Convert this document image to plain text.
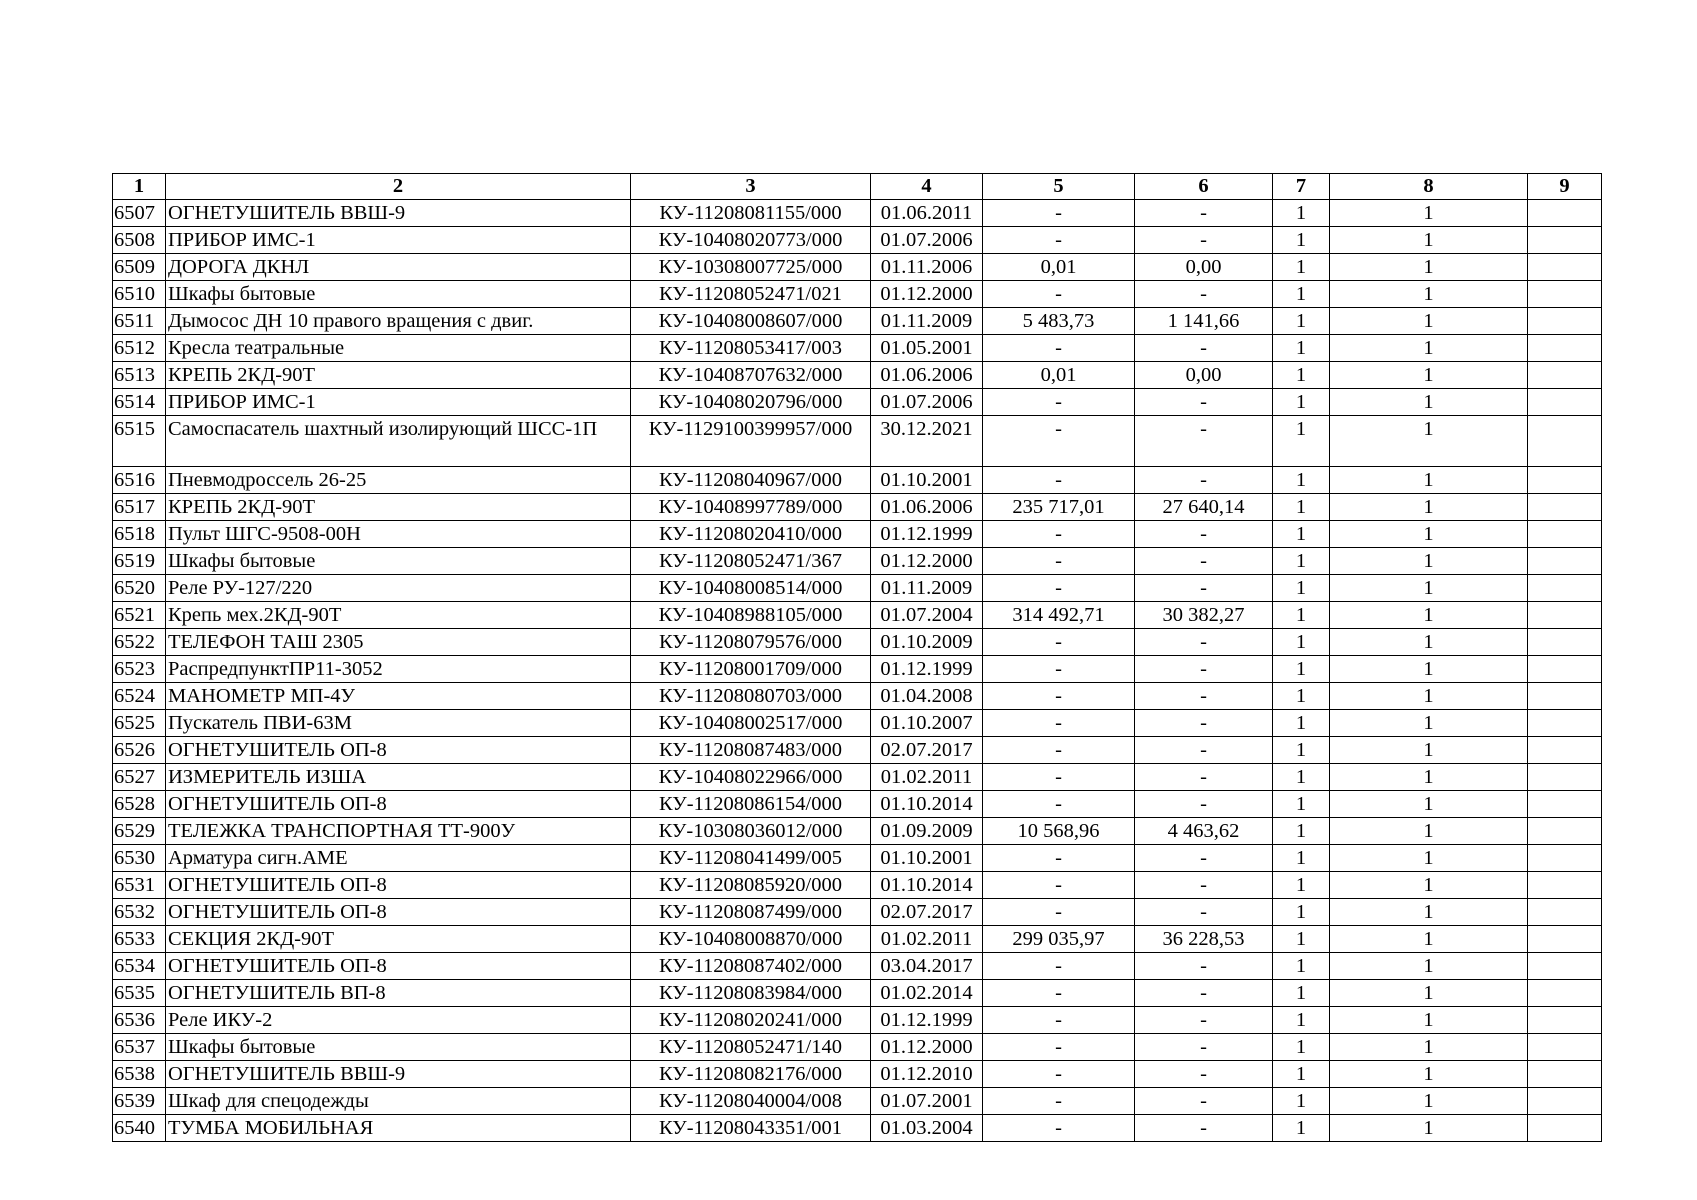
1	2	3	4	5	6	7	8	9
6507	ОГНЕТУШИТЕЛЬ ВВШ-9	КУ-11208081155/000	01.06.2011	-	-	1	1	
6508	ПРИБОР ИМС-1	КУ-10408020773/000	01.07.2006	-	-	1	1	
6509	ДОРОГА ДКНЛ	КУ-10308007725/000	01.11.2006	0,01	0,00	1	1	
6510	Шкафы бытовые	КУ-11208052471/021	01.12.2000	-	-	1	1	
6511	Дымосос ДН 10 правого вращения с двиг.	КУ-10408008607/000	01.11.2009	5 483,73	1 141,66	1	1	
6512	Кресла театральные	КУ-11208053417/003	01.05.2001	-	-	1	1	
6513	КРЕПЬ 2КД-90Т	КУ-10408707632/000	01.06.2006	0,01	0,00	1	1	
6514	ПРИБОР ИМС-1	КУ-10408020796/000	01.07.2006	-	-	1	1	
6515	Самоспасатель шахтный изолирующий ШСС-1П	КУ-1129100399957/000	30.12.2021	-	-	1	1	
6516	Пневмодроссель 26-25	КУ-11208040967/000	01.10.2001	-	-	1	1	
6517	КРЕПЬ 2КД-90Т	КУ-10408997789/000	01.06.2006	235 717,01	27 640,14	1	1	
6518	Пульт ШГС-9508-00Н	КУ-11208020410/000	01.12.1999	-	-	1	1	
6519	Шкафы бытовые	КУ-11208052471/367	01.12.2000	-	-	1	1	
6520	Реле РУ-127/220	КУ-10408008514/000	01.11.2009	-	-	1	1	
6521	Крепь мех.2КД-90Т	КУ-10408988105/000	01.07.2004	314 492,71	30 382,27	1	1	
6522	ТЕЛЕФОН ТАШ 2305	КУ-11208079576/000	01.10.2009	-	-	1	1	
6523	РаспредпунктПР11-3052	КУ-11208001709/000	01.12.1999	-	-	1	1	
6524	МАНОМЕТР МП-4У	КУ-11208080703/000	01.04.2008	-	-	1	1	
6525	Пускатель ПВИ-63М	КУ-10408002517/000	01.10.2007	-	-	1	1	
6526	ОГНЕТУШИТЕЛЬ ОП-8	КУ-11208087483/000	02.07.2017	-	-	1	1	
6527	ИЗМЕРИТЕЛЬ ИЗША	КУ-10408022966/000	01.02.2011	-	-	1	1	
6528	ОГНЕТУШИТЕЛЬ ОП-8	КУ-11208086154/000	01.10.2014	-	-	1	1	
6529	ТЕЛЕЖКА ТРАНСПОРТНАЯ ТТ-900У	КУ-10308036012/000	01.09.2009	10 568,96	4 463,62	1	1	
6530	Арматура сигн.АМЕ	КУ-11208041499/005	01.10.2001	-	-	1	1	
6531	ОГНЕТУШИТЕЛЬ ОП-8	КУ-11208085920/000	01.10.2014	-	-	1	1	
6532	ОГНЕТУШИТЕЛЬ ОП-8	КУ-11208087499/000	02.07.2017	-	-	1	1	
6533	СЕКЦИЯ 2КД-90Т	КУ-10408008870/000	01.02.2011	299 035,97	36 228,53	1	1	
6534	ОГНЕТУШИТЕЛЬ ОП-8	КУ-11208087402/000	03.04.2017	-	-	1	1	
6535	ОГНЕТУШИТЕЛЬ ВП-8	КУ-11208083984/000	01.02.2014	-	-	1	1	
6536	Реле ИКУ-2	КУ-11208020241/000	01.12.1999	-	-	1	1	
6537	Шкафы бытовые	КУ-11208052471/140	01.12.2000	-	-	1	1	
6538	ОГНЕТУШИТЕЛЬ ВВШ-9	КУ-11208082176/000	01.12.2010	-	-	1	1	
6539	Шкаф для спецодежды	КУ-11208040004/008	01.07.2001	-	-	1	1	
6540	ТУМБА МОБИЛЬНАЯ	КУ-11208043351/001	01.03.2004	-	-	1	1	
